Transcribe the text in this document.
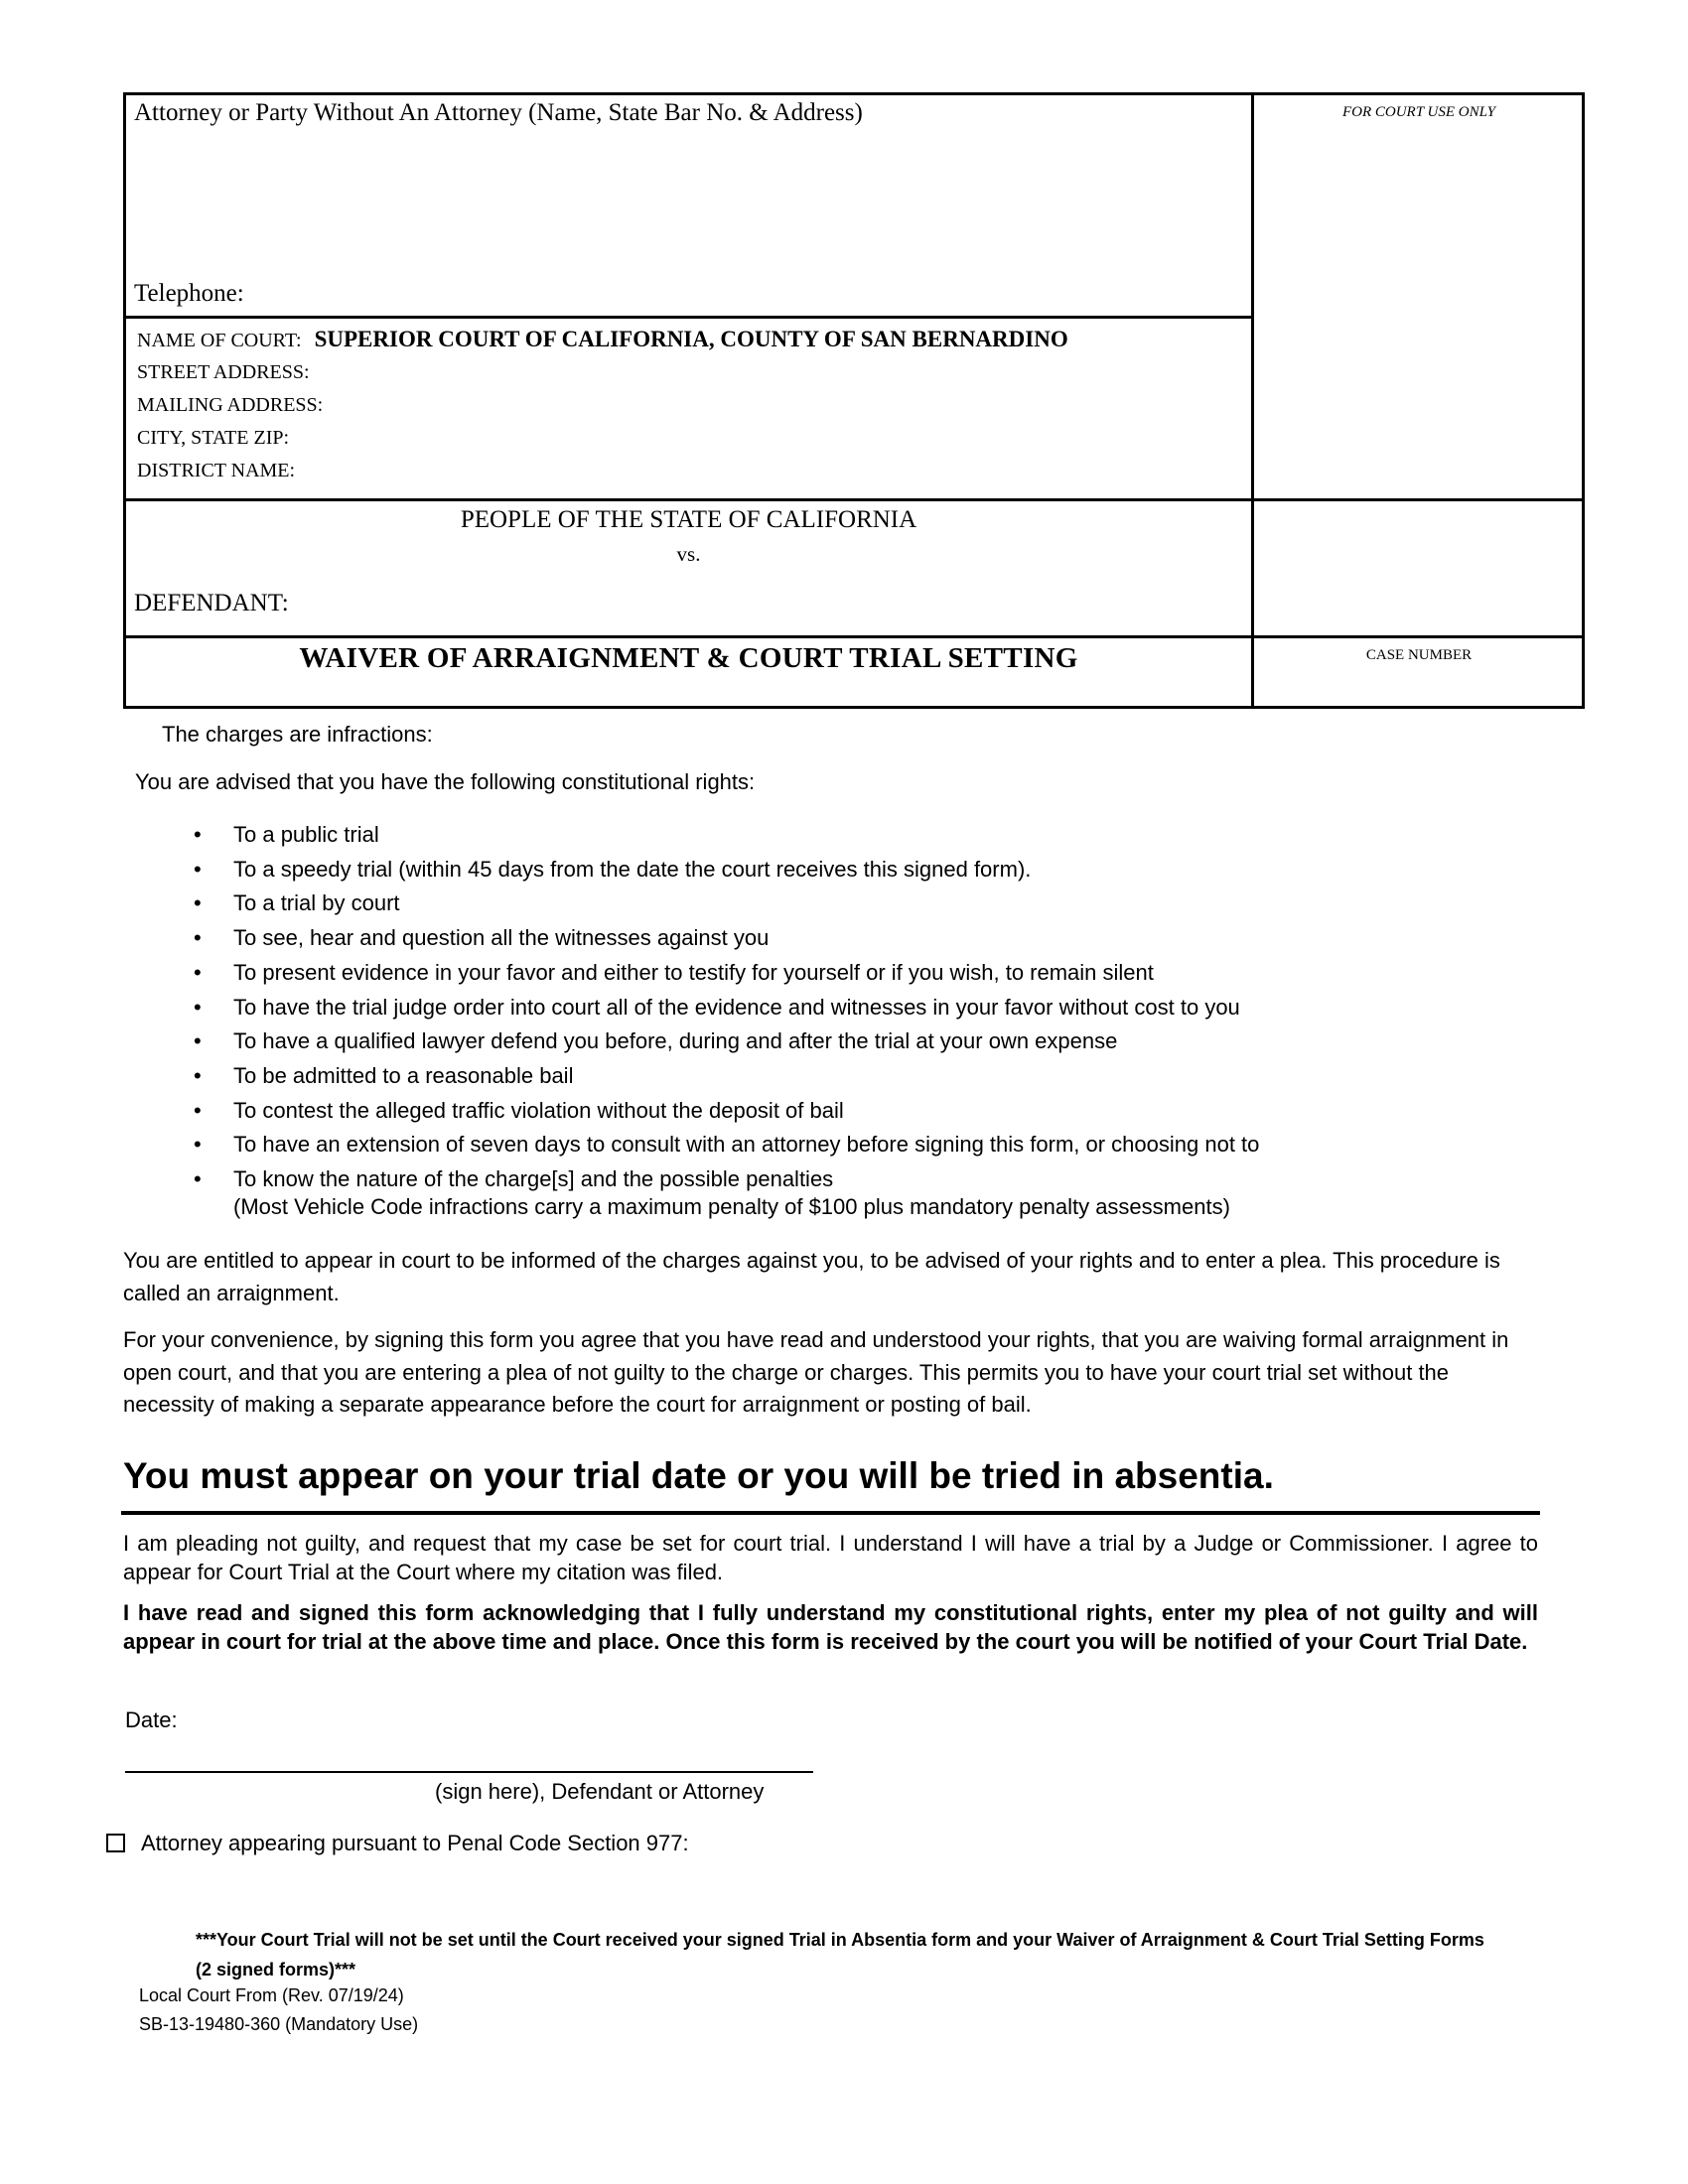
Attorney or Party Without An Attorney (Name, State Bar No. & Address)
Telephone:
FOR COURT USE ONLY
NAME OF COURT: SUPERIOR COURT OF CALIFORNIA, COUNTY OF SAN BERNARDINO
STREET ADDRESS:
MAILING ADDRESS:
CITY, STATE ZIP:
DISTRICT NAME:
PEOPLE OF THE STATE OF CALIFORNIA
vs.
DEFENDANT:
WAIVER OF ARRAIGNMENT & COURT TRIAL SETTING	CASE NUMBER
The charges are infractions:
You are advised that you have the following constitutional rights:
• To a public trial
• To a speedy trial (within 45 days from the date the court receives this signed form).
• To a trial by court
• To see, hear and question all the witnesses against you
• To present evidence in your favor and either to testify for yourself or if you wish, to remain silent
• To have the trial judge order into court all of the evidence and witnesses in your favor without cost to you
• To have a qualified lawyer defend you before, during and after the trial at your own expense
• To be admitted to a reasonable bail
• To contest the alleged traffic violation without the deposit of bail
• To have an extension of seven days to consult with an attorney before signing this form, or choosing not to
• To know the nature of the charge[s] and the possible penalties
(Most Vehicle Code infractions carry a maximum penalty of $100 plus mandatory penalty assessments)
You are entitled to appear in court to be informed of the charges against you, to be advised of your rights and to enter a plea. This procedure is called an arraignment.
For your convenience, by signing this form you agree that you have read and understood your rights, that you are waiving formal arraignment in open court, and that you are entering a plea of not guilty to the charge or charges. This permits you to have your court trial set without the necessity of making a separate appearance before the court for arraignment or posting of bail.
You must appear on your trial date or you will be tried in absentia.
I am pleading not guilty, and request that my case be set for court trial. I understand I will have a trial by a Judge or Commissioner. I agree to appear for Court Trial at the Court where my citation was filed.
I have read and signed this form acknowledging that I fully understand my constitutional rights, enter my plea of not guilty and will appear in court for trial at the above time and place. Once this form is received by the court you will be notified of your Court Trial Date.
Date:
(sign here), Defendant or Attorney
Attorney appearing pursuant to Penal Code Section 977:
***Your Court Trial will not be set until the Court received your signed Trial in Absentia form and your Waiver of Arraignment & Court Trial Setting Forms (2 signed forms)***
Local Court From (Rev. 07/19/24)
SB-13-19480-360 (Mandatory Use)
